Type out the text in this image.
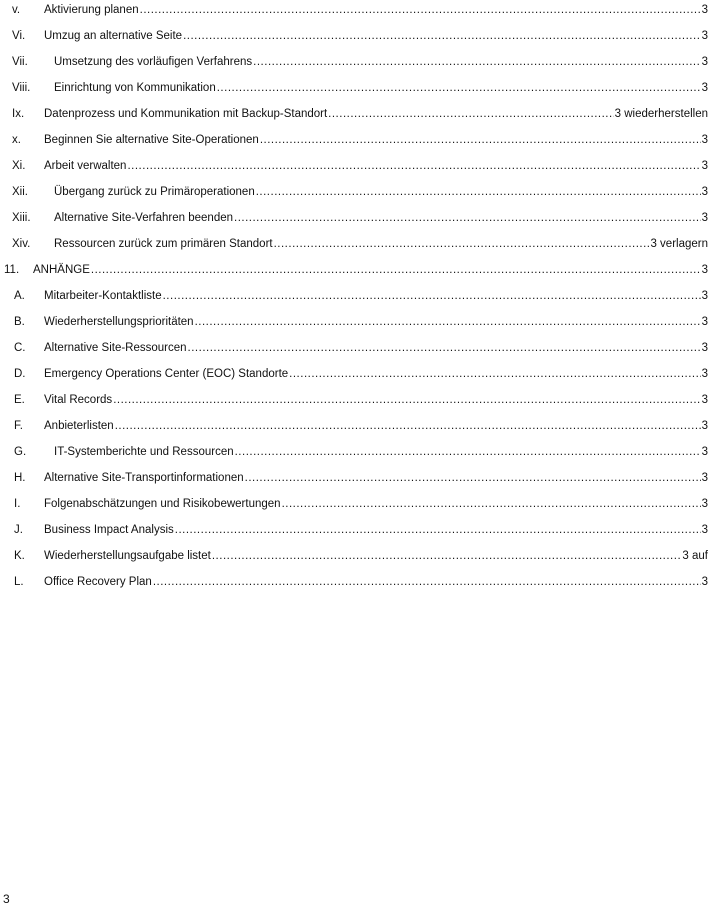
v. Aktivierung planen .....	3
Vi. Umzug an alternative Seite .....	3
Vii. Umsetzung des vorläufigen Verfahrens .....	3
Viii. Einrichtung von Kommunikation .....	3
Ix. Datenprozess und Kommunikation mit Backup-Standort .....	3 wiederherstellen
x. Beginnen Sie alternative Site-Operationen .....	3
Xi. Arbeit verwalten .....	3
Xii. Übergang zurück zu Primäroperationen .....	3
Xiii. Alternative Site-Verfahren beenden .....	3
Xiv. Ressourcen zurück zum primären Standort .....	3 verlagern
11. ANHÄNGE .....	3
A. Mitarbeiter-Kontaktliste .....	3
B. Wiederherstellungsprioritäten .....	3
C. Alternative Site-Ressourcen .....	3
D. Emergency Operations Center (EOC) Standorte .....	3
E. Vital Records .....	3
F. Anbieterlisten .....	3
G. IT-Systemberichte und Ressourcen .....	3
H. Alternative Site-Transportinformationen .....	3
I. Folgenabschätzungen und Risikobewertungen .....	3
J. Business Impact Analysis .....	3
K. Wiederherstellungsaufgabe listet .....	3 auf
L. Office Recovery Plan .....	3
3
